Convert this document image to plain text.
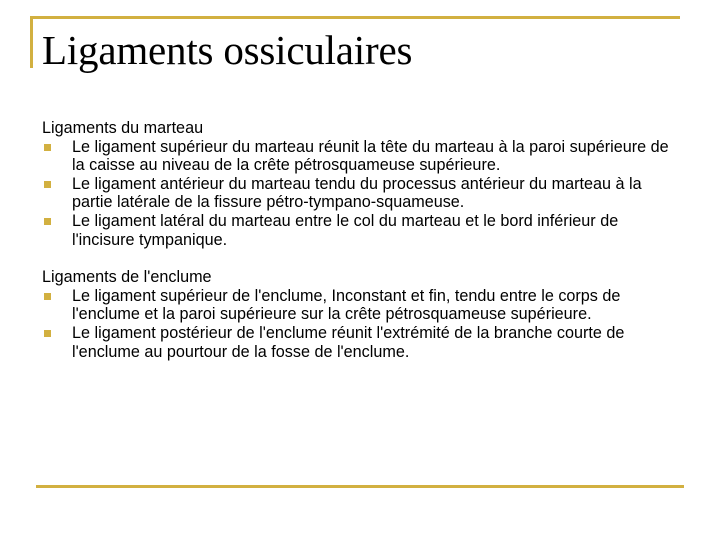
Ligaments ossiculaires

Ligaments du marteau

Le ligament supérieur du marteau réunit la tête du marteau à la paroi supérieure de la caisse au niveau de la crête pétrosquameuse supérieure.
Le ligament antérieur du marteau tendu du processus antérieur du marteau à la partie latérale de la fissure pétro-tympano-squameuse.
Le ligament latéral du marteau entre le col du marteau et le bord inférieur de l'incisure tympanique.

Ligaments de l'enclume

Le ligament supérieur de l'enclume, Inconstant et fin, tendu entre le corps de l'enclume et la paroi supérieure sur la crête pétrosquameuse supérieure.
Le ligament postérieur de l'enclume réunit l'extrémité de la branche courte de l'enclume au pourtour de la fosse de l'enclume.
